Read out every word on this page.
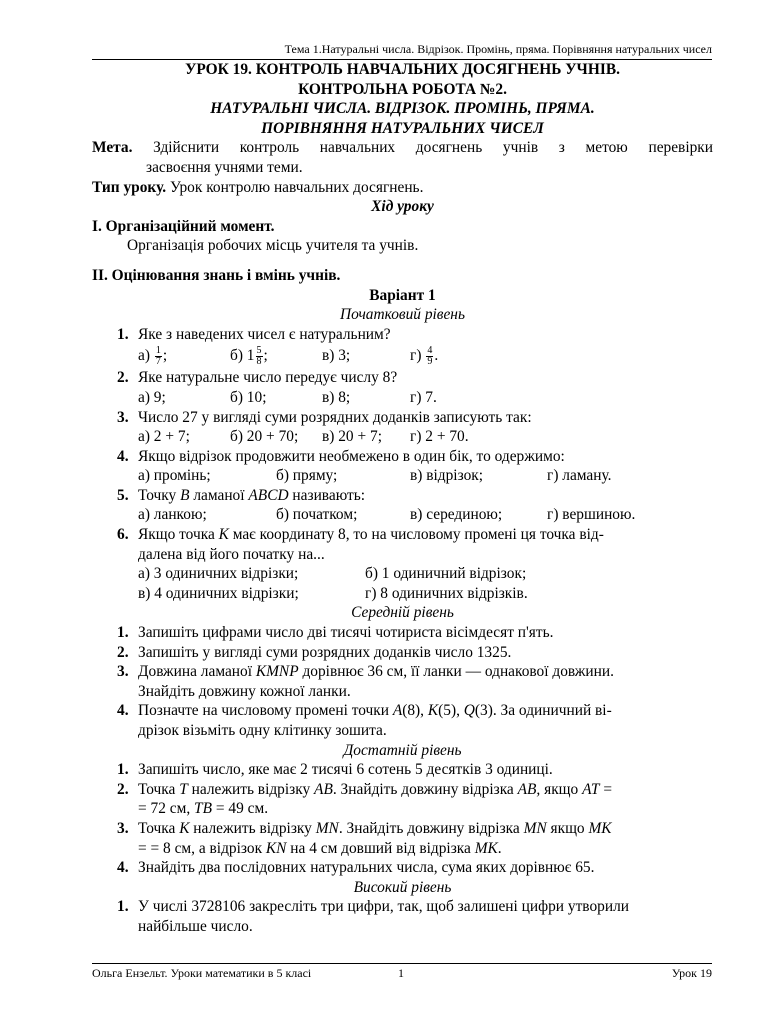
Тема 1.Натуральні числа. Відрізок. Промінь, пряма. Порівняння натуральних чисел
УРОК 19. КОНТРОЛЬ НАВЧАЛЬНИХ ДОСЯГНЕНЬ УЧНІВ.
КОНТРОЛЬНА РОБОТА №2.
НАТУРАЛЬНІ ЧИСЛА. ВІДРІЗОК. ПРОМІНЬ, ПРЯМА.
ПОРІВНЯННЯ НАТУРАЛЬНИХ ЧИСЕЛ
Мета. Здійснити контроль навчальних досягнень учнів з метою перевірки
засвоєння учнями теми.
Тип уроку. Урок контролю навчальних досягнень.
Хід уроку
I. Організаційний момент.
Організація робочих місць учителя та учнів.
II. Оцінювання знань і вмінь учнів.
Варіант 1
Початковий рівень
1. Яке з наведених чисел є натуральним?
$а) \frac{1}{7}$ ;	б) $1 \frac{5}{8}$ ;	в) 3;	$г) \frac{4}{9}$ .
2. Яке натуральне число передує числу 8?
а) 9;	б) 10;	в) 8;	г) 7.
3. Число 27 у вигляді суми розрядних доданків записують так:
а) 2 + 7;	б) 20 + 70; в) 20 + 7; г) 2 + 70.
4. Якщо відрізок продовжити необмежено в один бік, то одержимо:
а) промінь;	б) пряму;	в) відрізок;	г) ламану.
5. Точку В ламаної ABCD називають:
а) ланкою;	б) початком;	в) серединою;	г) вершиною.
6. Якщо точка К має координату 8, то на числовому промені ця точка від-
далена від його початку на...
а) 3 одиничних відрізки;	б) 1 одиничний відрізок;
в) 4 одиничних відрізки;	г) 8 одиничних відрізків.
Середній рівень
1. Запишіть цифрами число дві тисячі чотириста вісімдесят п'ять.
2. Запишіть у вигляді суми розрядних доданків число 1325.
3. Довжина ламаної KMNP дорівнює 36 см, її ланки — однакової довжини.
Знайдіть довжину кожної ланки.
4. Позначте на числовому промені точки А(8), К(5), Q(3). За одиничний ві-
дрізок візьміть одну клітинку зошита.
Достатній рівень
1. Запишіть число, яке має 2 тисячі 6 сотень 5 десятків 3 одиниці.
2. Точка Т належить відрізку AB. Знайдіть довжину відрізка AB, якщо AT =
= 72 см, ТВ = 49 см.
3. Точка К належить відрізку MN. Знайдіть довжину відрізка MN якщо МК
= = 8 см, а відрізок KN на 4 см довший від відрізка МК.
4. Знайдіть два послідовних натуральних числа, сума яких дорівнює 65.
Високий рівень
1. У числі 3728106 закресліть три цифри, так, щоб залишені цифри утворили
найбільше число.
Ольга Ензельт. Уроки математики в 5 класі	1	Урок 19
